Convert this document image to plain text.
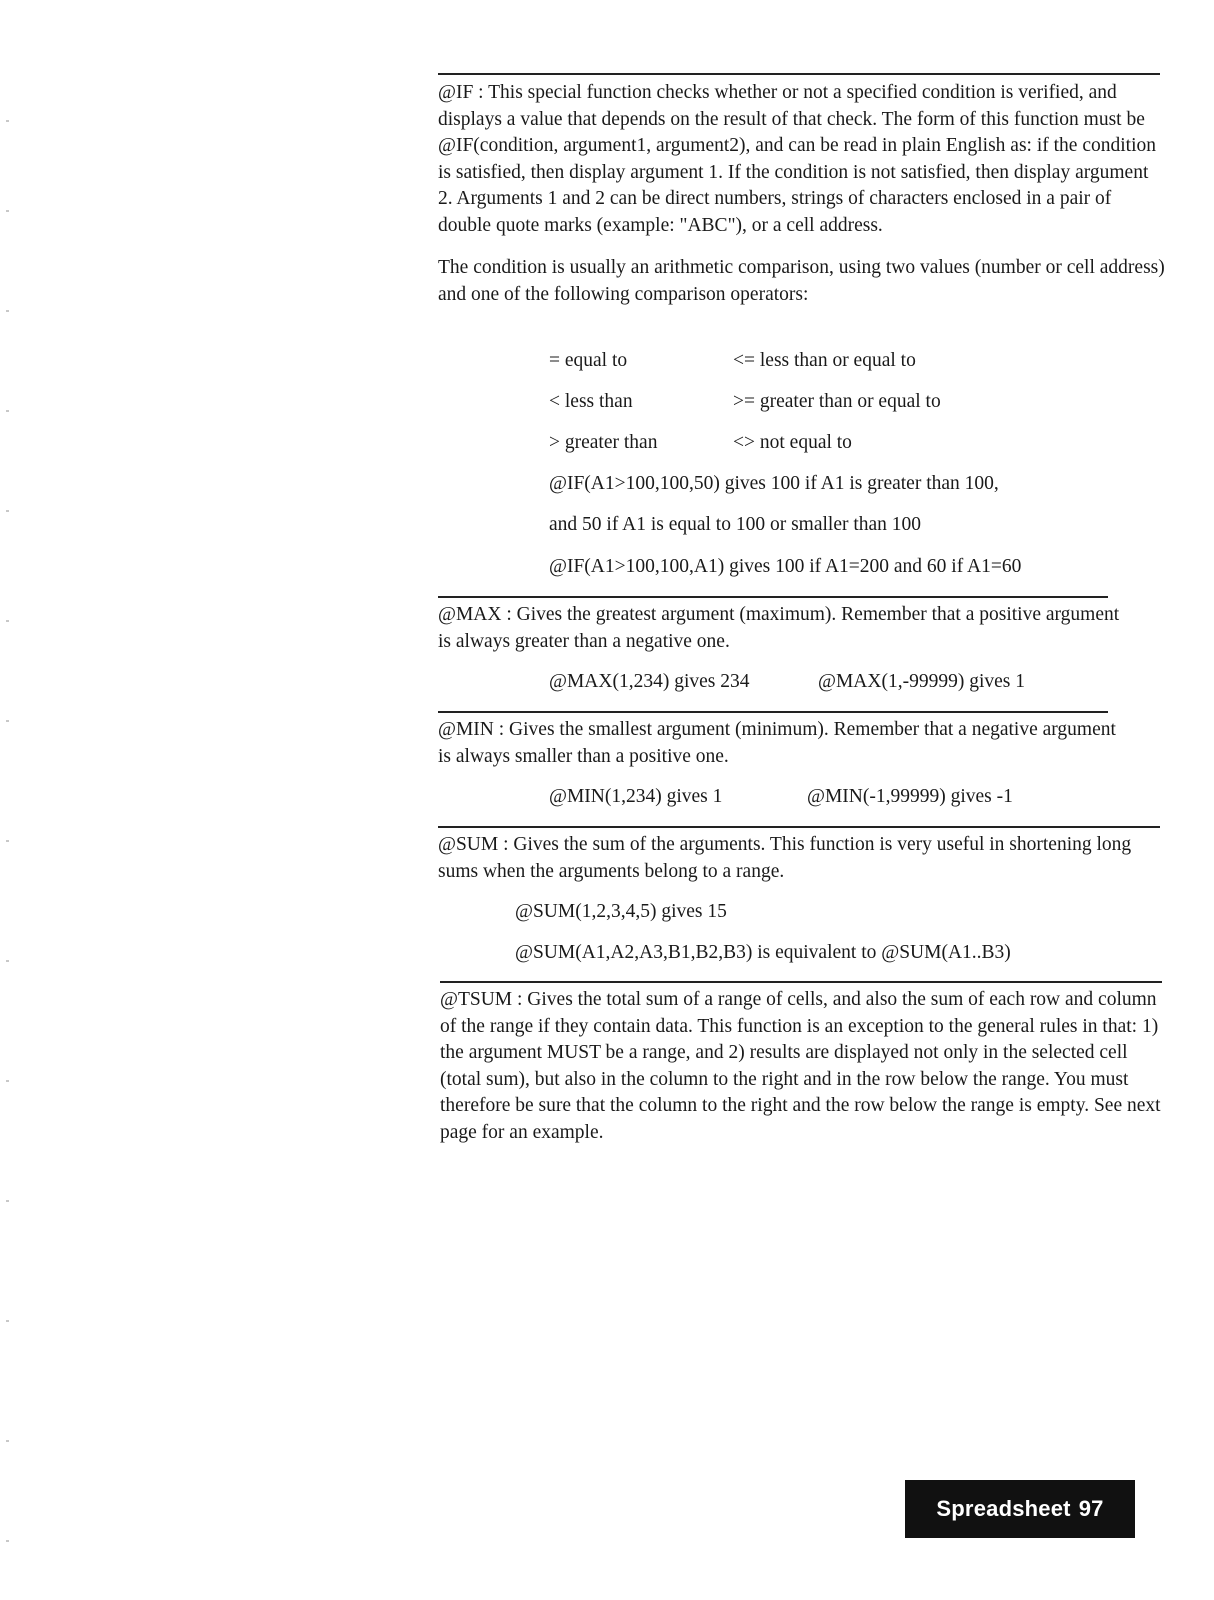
@IF : This special function checks whether or not a specified condition is verified, and displays a value that depends on the result of that check. The form of this function must be @IF(condition, argument1, argument2), and can be read in plain English as: if the condition is satisfied, then display argument 1. If the condition is not satisfied, then display argument 2. Arguments 1 and 2 can be direct numbers, strings of characters enclosed in a pair of double quote marks (example: "ABC"), or a cell address.

The condition is usually an arithmetic comparison, using two values (number or cell address) and one of the following comparison operators:

= equal to	<= less than or equal to
< less than	>= greater than or equal to
> greater than	<> not equal to
@IF(A1>100,100,50) gives 100 if A1 is greater than 100,
and 50 if A1 is equal to 100 or smaller than 100
@IF(A1>100,100,A1) gives 100 if A1=200 and 60 if A1=60

@MAX : Gives the greatest argument (maximum). Remember that a positive argument is always greater than a negative one.

@MAX(1,234) gives 234	@MAX(1,-99999) gives 1

@MIN : Gives the smallest argument (minimum). Remember that a negative argument is always smaller than a positive one.

@MIN(1,234) gives 1	@MIN(-1,99999) gives -1

@SUM : Gives the sum of the arguments. This function is very useful in shortening long sums when the arguments belong to a range.

@SUM(1,2,3,4,5) gives 15
@SUM(A1,A2,A3,B1,B2,B3) is equivalent to @SUM(A1..B3)

@TSUM : Gives the total sum of a range of cells, and also the sum of each row and column of the range if they contain data. This function is an exception to the general rules in that: 1) the argument MUST be a range, and 2) results are displayed not only in the selected cell (total sum), but also in the column to the right and in the row below the range. You must therefore be sure that the column to the right and the row below the range is empty. See next page for an example.

Spreadsheet 97
